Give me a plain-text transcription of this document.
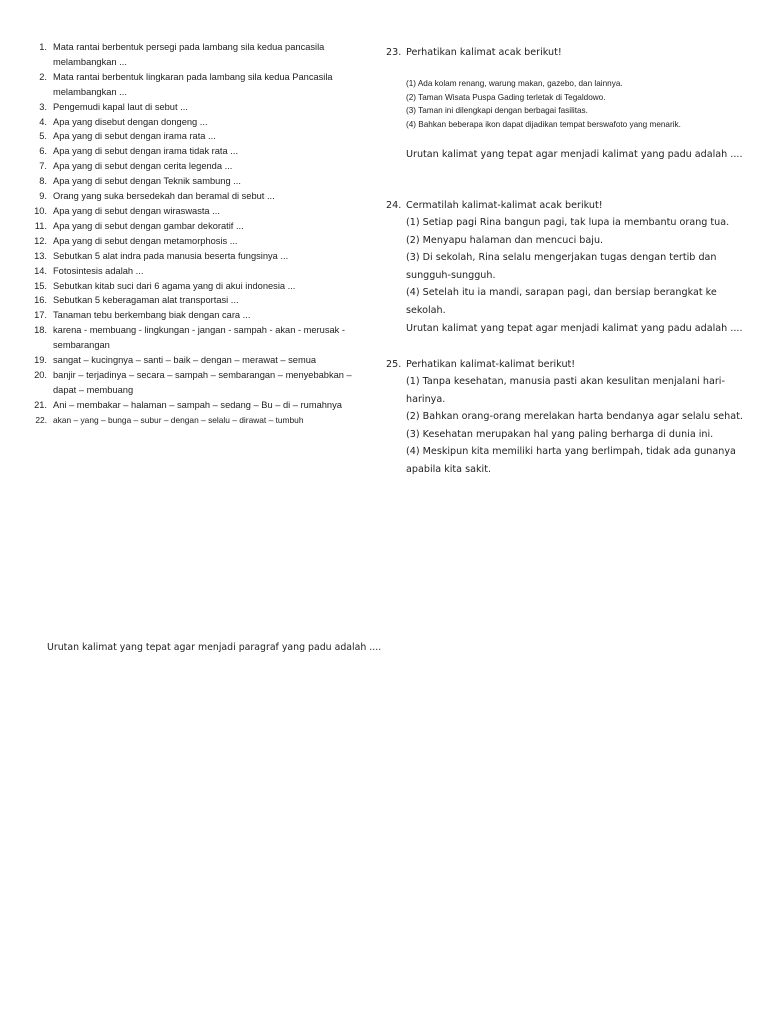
1. Mata rantai berbentuk persegi pada lambang sila kedua pancasila melambangkan ...
2. Mata rantai berbentuk lingkaran pada lambang sila kedua Pancasila melambangkan ...
3. Pengemudi kapal laut di sebut ...
4. Apa yang disebut dengan dongeng ...
5. Apa yang di sebut dengan irama rata ...
6. Apa yang di sebut dengan irama tidak rata ...
7. Apa yang di sebut dengan cerita legenda ...
8. Apa yang di sebut dengan Teknik sambung ...
9. Orang yang suka bersedekah dan beramal di sebut ...
10. Apa yang di sebut dengan wiraswasta ...
11. Apa yang di sebut dengan gambar dekoratif ...
12. Apa yang di sebut dengan metamorphosis ...
13. Sebutkan 5 alat indra pada manusia beserta fungsinya ...
14. Fotosintesis adalah ...
15. Sebutkan kitab suci dari 6 agama yang di akui indonesia ...
16. Sebutkan 5 keberagaman alat transportasi ...
17. Tanaman tebu berkembang biak dengan cara ...
18. karena - membuang - lingkungan - jangan - sampah - akan - merusak - sembarangan
19. sangat – kucingnya – santi – baik – dengan – merawat – semua
20. banjir – terjadinya – secara – sampah – sembarangan – menyebabkan – dapat – membuang
21. Ani – membakar – halaman – sampah – sedang – Bu – di – rumahnya
22. akan – yang – bunga – subur – dengan – selalu – dirawat – tumbuh
Urutan kalimat yang tepat agar menjadi paragraf yang padu adalah ....
23. Perhatikan kalimat acak berikut!
(1) Ada kolam renang, warung makan, gazebo, dan lainnya.
(2) Taman Wisata Puspa Gading terletak di Tegaldowo.
(3) Taman ini dilengkapi dengan berbagai fasilitas.
(4) Bahkan beberapa ikon dapat dijadikan tempat berswafoto yang menarik.
Urutan kalimat yang tepat agar menjadi kalimat yang padu adalah ....
24. Cermatilah kalimat-kalimat acak berikut!
(1) Setiap pagi Rina bangun pagi, tak lupa ia membantu orang tua.
(2) Menyapu halaman dan mencuci baju.
(3) Di sekolah, Rina selalu mengerjakan tugas dengan tertib dan sungguh-sungguh.
(4) Setelah itu ia mandi, sarapan pagi, dan bersiap berangkat ke sekolah.
Urutan kalimat yang tepat agar menjadi kalimat yang padu adalah ....
25. Perhatikan kalimat-kalimat berikut!
(1) Tanpa kesehatan, manusia pasti akan kesulitan menjalani hari-harinya.
(2) Bahkan orang-orang merelakan harta bendanya agar selalu sehat.
(3) Kesehatan merupakan hal yang paling berharga di dunia ini.
(4) Meskipun kita memiliki harta yang berlimpah, tidak ada gunanya apabila kita sakit.
